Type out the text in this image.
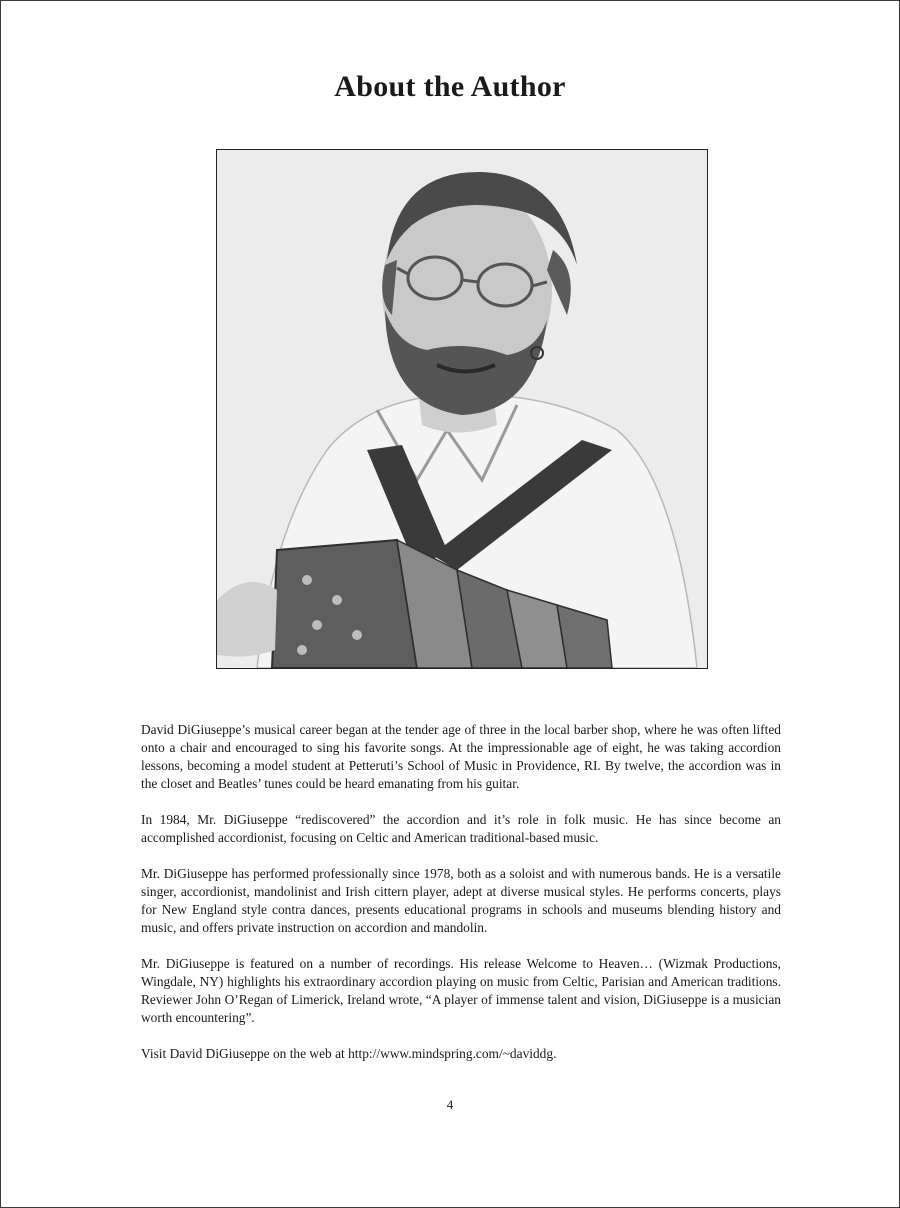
About the Author

David DiGiuseppe’s musical career began at the tender age of three in the local barber shop, where he was often lifted onto a chair and encouraged to sing his favorite songs. At the impressionable age of eight, he was taking accordion lessons, becoming a model student at Petteruti’s School of Music in Providence, RI. By twelve, the accordion was in the closet and Beatles’ tunes could be heard emanating from his guitar.

In 1984, Mr. DiGiuseppe “rediscovered” the accordion and it’s role in folk music. He has since become an accomplished accordionist, focusing on Celtic and American traditional-based music.

Mr. DiGiuseppe has performed professionally since 1978, both as a soloist and with numerous bands. He is a versatile singer, accordionist, mandolinist and Irish cittern player, adept at diverse musical styles. He performs concerts, plays for New England style contra dances, presents educational programs in schools and museums blending history and music, and offers private instruction on accordion and mandolin.

Mr. DiGiuseppe is featured on a number of recordings. His release Welcome to Heaven… (Wizmak Productions, Wingdale, NY) highlights his extraordinary accordion playing on music from Celtic, Parisian and American traditions. Reviewer John O’Regan of Limerick, Ireland wrote, “A player of immense talent and vision, DiGiuseppe is a musician worth encountering”.

Visit David DiGiuseppe on the web at http://www.mindspring.com/~daviddg.

4
